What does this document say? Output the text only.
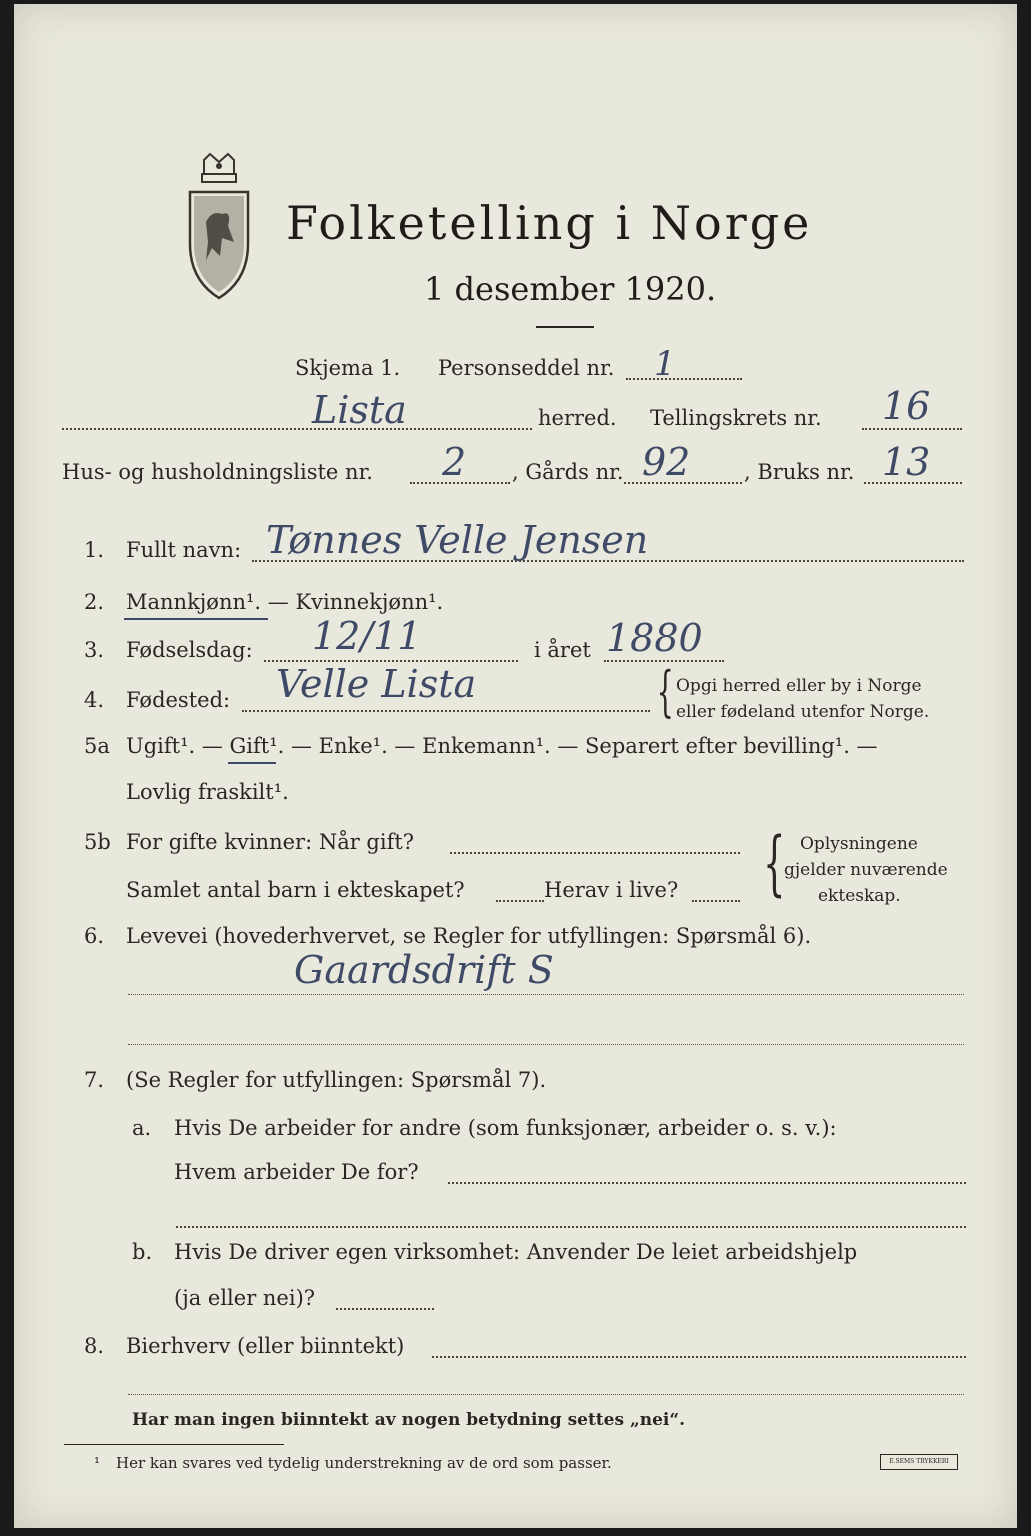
Folketelling i Norge
1 desember 1920.
Skjema 1. Personseddel nr. 1
Lista	herred. Tellingskrets nr. 16
Hus- og husholdningsliste nr. 2 , Gårds nr. 92	, Bruks nr. 13
1. Fullt navn: Tønnes Velle Jensen
2. Mannkjønn¹. — Kvinnekjønn¹.
3. Fødselsdag: 12/11	i året 1880
4. Fødested: Velle Lista	{ Opgi herred eller by i Norge
eller fødeland utenfor Norge.
5a Ugift¹. — Gift¹. — Enke¹. — Enkemann¹. — Separert efter bevilling¹. —
Lovlig fraskilt¹.
5b For gifte kvinner: Når gift?
Samlet antal barn i ekteskapet?	Herav i live? { Oplysningene
gjelder nuværende
ekteskap.
6. Levevei (hovederhvervet, se Regler for utfyllingen: Spørsmål 6).
Gaardsdrift S
7. (Se Regler for utfyllingen: Spørsmål 7).
a. Hvis De arbeider for andre (som funksjonær, arbeider o. s. v.):
Hvem arbeider De for?
b. Hvis De driver egen virksomhet: Anvender De leiet arbeidshjelp
(ja eller nei)?
8. Bierhverv (eller biinntekt)
Har man ingen biinntekt av nogen betydning settes „nei“.
¹ Her kan svares ved tydelig understrekning av de ord som passer.	E.SEMS TRYKKERI
